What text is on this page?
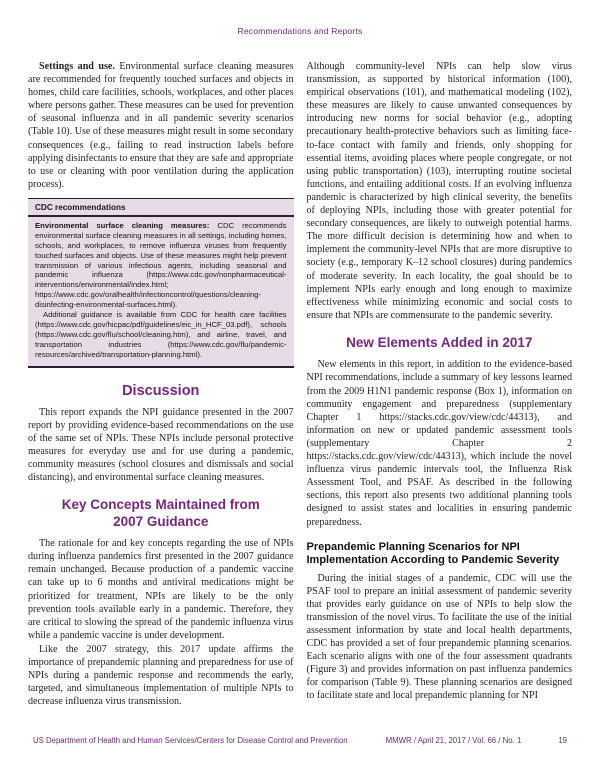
Recommendations and Reports

Settings and use. Environmental surface cleaning measures are recommended for frequently touched surfaces and objects in homes, child care facilities, schools, workplaces, and other places where persons gather. These measures can be used for prevention of seasonal influenza and in all pandemic severity scenarios (Table 10). Use of these measures might result in some secondary consequences (e.g., failing to read instruction labels before applying disinfectants to ensure that they are safe and appropriate to use or cleaning with poor ventilation during the application process).

CDC recommendations

Environmental surface cleaning measures: CDC recommends environmental surface cleaning measures in all settings, including homes, schools, and workplaces, to remove influenza viruses from frequently touched surfaces and objects. Use of these measures might help prevent transmission of various infectious agents, including seasonal and pandemic influenza (https://www.cdc.gov/nonpharmaceutical-interventions/environmental/index.html; https://www.cdc.gov/oralhealth/infectioncontrol/questions/cleaning-disinfecting-environmental-surfaces.html).

Additional guidance is available from CDC for health care facilities (https://www.cdc.gov/hicpac/pdf/guidelines/eic_in_HCF_03.pdf), schools (https://www.cdc.gov/flu/school/cleaning.htm), and airline, travel, and transportation industries (https://www.cdc.gov/flu/pandemic-resources/archived/transportation-planning.html).

Discussion

This report expands the NPI guidance presented in the 2007 report by providing evidence-based recommendations on the use of the same set of NPIs. These NPIs include personal protective measures for everyday use and for use during a pandemic, community measures (school closures and dismissals and social distancing), and environmental surface cleaning measures.

Key Concepts Maintained from 2007 Guidance

The rationale for and key concepts regarding the use of NPIs during influenza pandemics first presented in the 2007 guidance remain unchanged. Because production of a pandemic vaccine can take up to 6 months and antiviral medications might be prioritized for treatment, NPIs are likely to be the only prevention tools available early in a pandemic. Therefore, they are critical to slowing the spread of the pandemic influenza virus while a pandemic vaccine is under development.

Like the 2007 strategy, this 2017 update affirms the importance of prepandemic planning and preparedness for use of NPIs during a pandemic response and recommends the early, targeted, and simultaneous implementation of multiple NPIs to decrease influenza virus transmission.

Although community-level NPIs can help slow virus transmission, as supported by historical information (100), empirical observations (101), and mathematical modeling (102), these measures are likely to cause unwanted consequences by introducing new norms for social behavior (e.g., adopting precautionary health-protective behaviors such as limiting face-to-face contact with family and friends, only shopping for essential items, avoiding places where people congregate, or not using public transportation) (103), interrupting routine societal functions, and entailing additional costs. If an evolving influenza pandemic is characterized by high clinical severity, the benefits of deploying NPIs, including those with greater potential for secondary consequences, are likely to outweigh potential harms. The more difficult decision is determining how and when to implement the community-level NPIs that are more disruptive to society (e.g., temporary K–12 school closures) during pandemics of moderate severity. In each locality, the goal should be to implement NPIs early enough and long enough to maximize effectiveness while minimizing economic and social costs to ensure that NPIs are commensurate to the pandemic severity.

New Elements Added in 2017

New elements in this report, in addition to the evidence-based NPI recommendations, include a summary of key lessons learned from the 2009 H1N1 pandemic response (Box 1), information on community engagement and preparedness (supplementary Chapter 1 https://stacks.cdc.gov/view/cdc/44313), and information on new or updated pandemic assessment tools (supplementary Chapter 2 https://stacks.cdc.gov/view/cdc/44313), which include the novel influenza virus pandemic intervals tool, the Influenza Risk Assessment Tool, and PSAF. As described in the following sections, this report also presents two additional planning tools designed to assist states and localities in ensuring pandemic preparedness.

Prepandemic Planning Scenarios for NPI Implementation According to Pandemic Severity

During the initial stages of a pandemic, CDC will use the PSAF tool to prepare an initial assessment of pandemic severity that provides early guidance on use of NPIs to help slow the transmission of the novel virus. To facilitate the use of the initial assessment information by state and local health departments, CDC has provided a set of four prepandemic planning scenarios. Each scenario aligns with one of the four assessment quadrants (Figure 3) and provides information on past influenza pandemics for comparison (Table 9). These planning scenarios are designed to facilitate state and local prepandemic planning for NPI

US Department of Health and Human Services/Centers for Disease Control and Prevention	MMWR / April 21, 2017 / Vol. 66 / No. 1	19
